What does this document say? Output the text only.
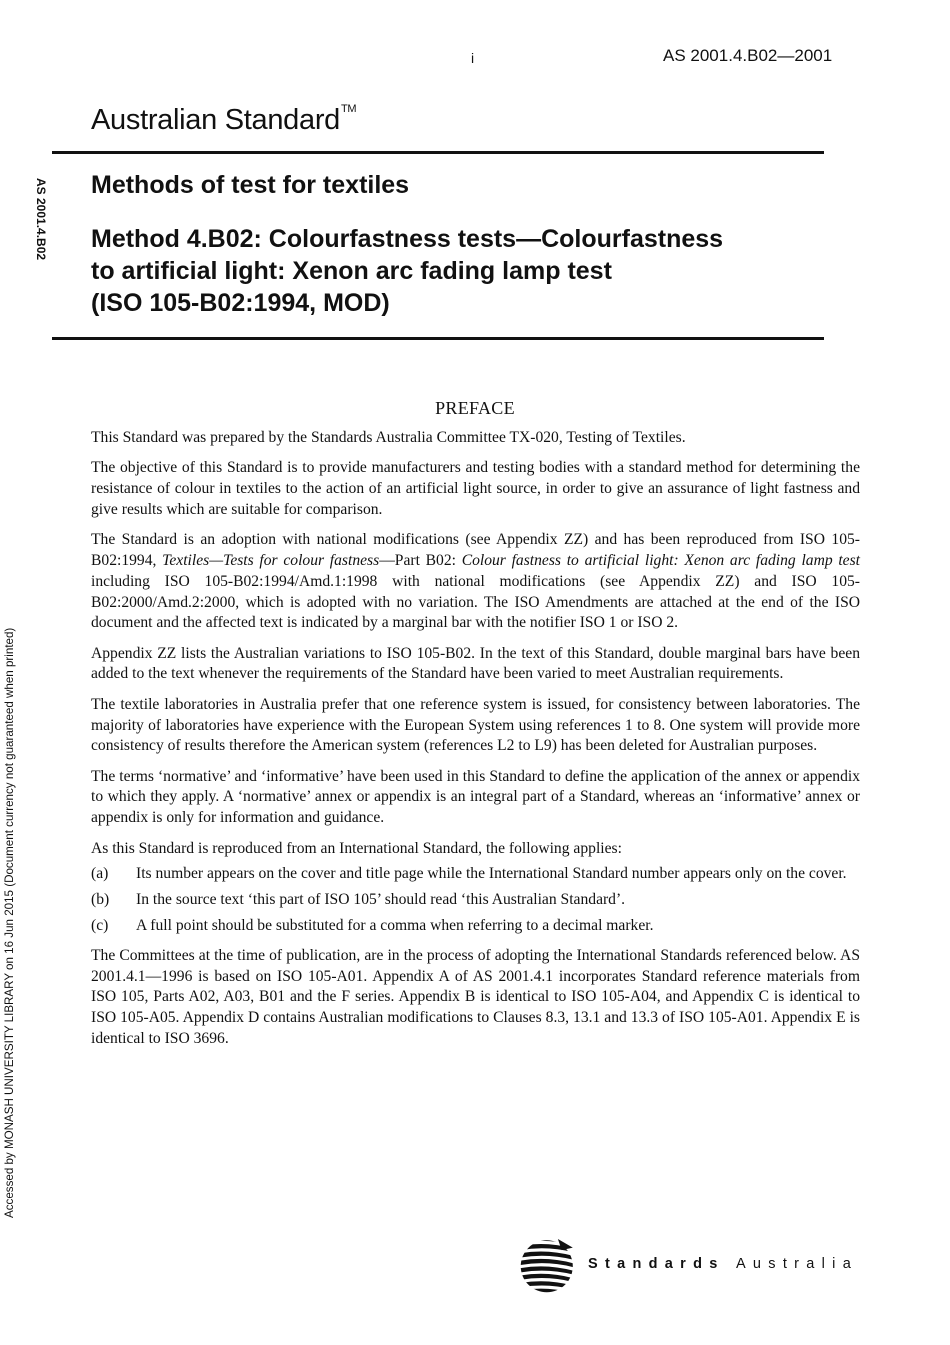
i	AS 2001.4.B02—2001
Australian Standard™
Methods of test for textiles
Method 4.B02: Colourfastness tests—Colourfastness
to artificial light: Xenon arc fading lamp test
(ISO 105-B02:1994, MOD)
AS 2001.4.B02
Accessed by MONASH UNIVERSITY LIBRARY on 16 Jun 2015 (Document currency not guaranteed when printed)
PREFACE

This Standard was prepared by the Standards Australia Committee TX-020, Testing of Textiles.

The objective of this Standard is to provide manufacturers and testing bodies with a standard method for determining the resistance of colour in textiles to the action of an artificial light source, in order to give an assurance of light fastness and give results which are suitable for comparison.

The Standard is an adoption with national modifications (see Appendix ZZ) and has been reproduced from ISO 105-B02:1994, Textiles—Tests for colour fastness—Part B02: Colour fastness to artificial light: Xenon arc fading lamp test including ISO 105-B02:1994/Amd.1:1998 with national modifications (see Appendix ZZ) and ISO 105-B02:2000/Amd.2:2000, which is adopted with no variation. The ISO Amendments are attached at the end of the ISO document and the affected text is indicated by a marginal bar with the notifier ISO 1 or ISO 2.

Appendix ZZ lists the Australian variations to ISO 105-B02. In the text of this Standard, double marginal bars have been added to the text whenever the requirements of the Standard have been varied to meet Australian requirements.

The textile laboratories in Australia prefer that one reference system is issued, for consistency between laboratories. The majority of laboratories have experience with the European System using references 1 to 8. One system will provide more consistency of results therefore the American system (references L2 to L9) has been deleted for Australian purposes.

The terms ‘normative’ and ‘informative’ have been used in this Standard to define the application of the annex or appendix to which they apply. A ‘normative’ annex or appendix is an integral part of a Standard, whereas an ‘informative’ annex or appendix is only for information and guidance.

As this Standard is reproduced from an International Standard, the following applies:

(a)	Its number appears on the cover and title page while the International Standard number appears only on the cover.
(b)	In the source text ‘this part of ISO 105’ should read ‘this Australian Standard’.
(c)	A full point should be substituted for a comma when referring to a decimal marker.

The Committees at the time of publication, are in the process of adopting the International Standards referenced below. AS 2001.4.1—1996 is based on ISO 105-A01. Appendix A of AS 2001.4.1 incorporates Standard reference materials from ISO 105, Parts A02, A03, B01 and the F series. Appendix B is identical to ISO 105-A04, and Appendix C is identical to ISO 105-A05. Appendix D contains Australian modifications to Clauses 8.3, 13.1 and 13.3 of ISO 105-A01. Appendix E is identical to ISO 3696.

Standards Australia
